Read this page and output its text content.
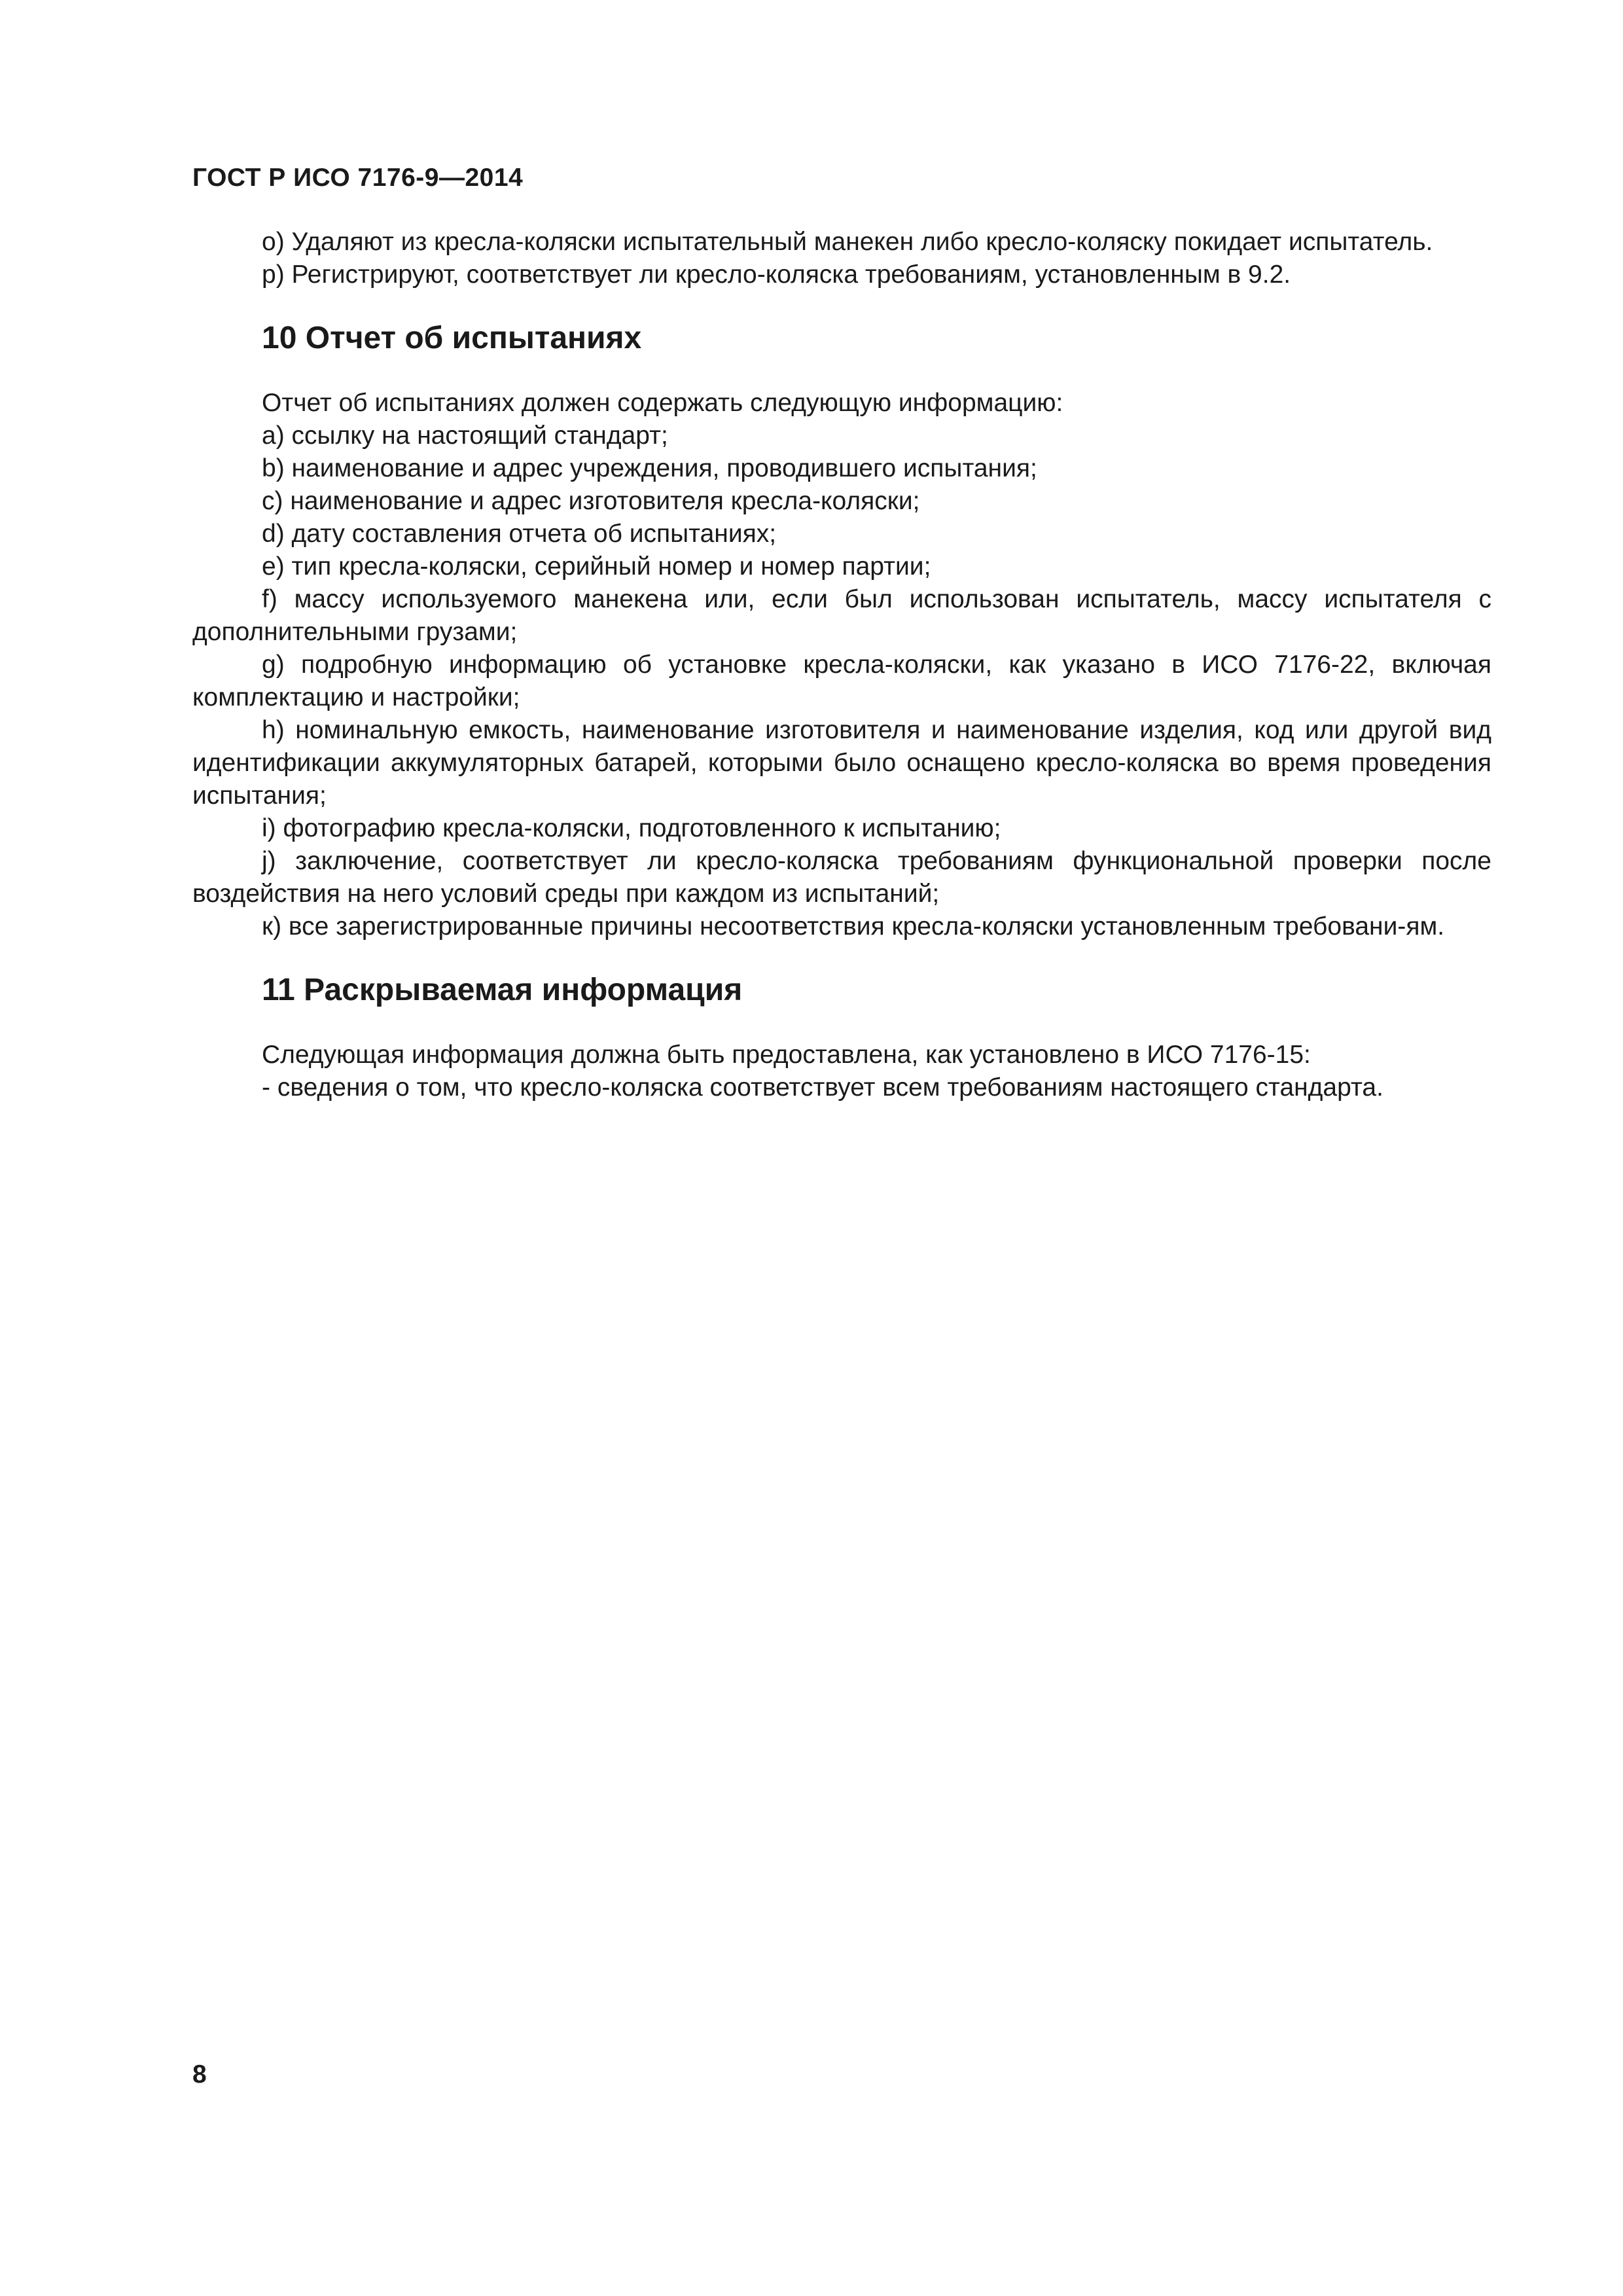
ГОСТ Р ИСО 7176-9—2014

о) Удаляют из кресла-коляски испытательный манекен либо кресло-коляску покидает испытатель.

р) Регистрируют, соответствует ли кресло-коляска требованиям, установленным в 9.2.

10 Отчет об испытаниях

Отчет об испытаниях должен содержать следующую информацию:

a) ссылку на настоящий стандарт;

b) наименование и адрес учреждения, проводившего испытания;

c) наименование и адрес изготовителя кресла-коляски;

d) дату составления отчета об испытаниях;

e) тип кресла-коляски, серийный номер и номер партии;

f) массу используемого манекена или, если был использован испытатель, массу испытателя с дополнительными грузами;

g) подробную информацию об установке кресла-коляски, как указано в ИСО 7176-22, включая комплектацию и настройки;

h) номинальную емкость, наименование изготовителя и наименование изделия, код или другой вид идентификации аккумуляторных батарей, которыми было оснащено кресло-коляска во время проведения испытания;

i) фотографию кресла-коляски, подготовленного к испытанию;

j) заключение, соответствует ли кресло-коляска требованиям функциональной проверки после воздействия на него условий среды при каждом из испытаний;

к) все зарегистрированные причины несоответствия кресла-коляски установленным требовани-ям.

11 Раскрываемая информация

Следующая информация должна быть предоставлена, как установлено в ИСО 7176-15:

- сведения о том, что кресло-коляска соответствует всем требованиям настоящего стандарта.

8
